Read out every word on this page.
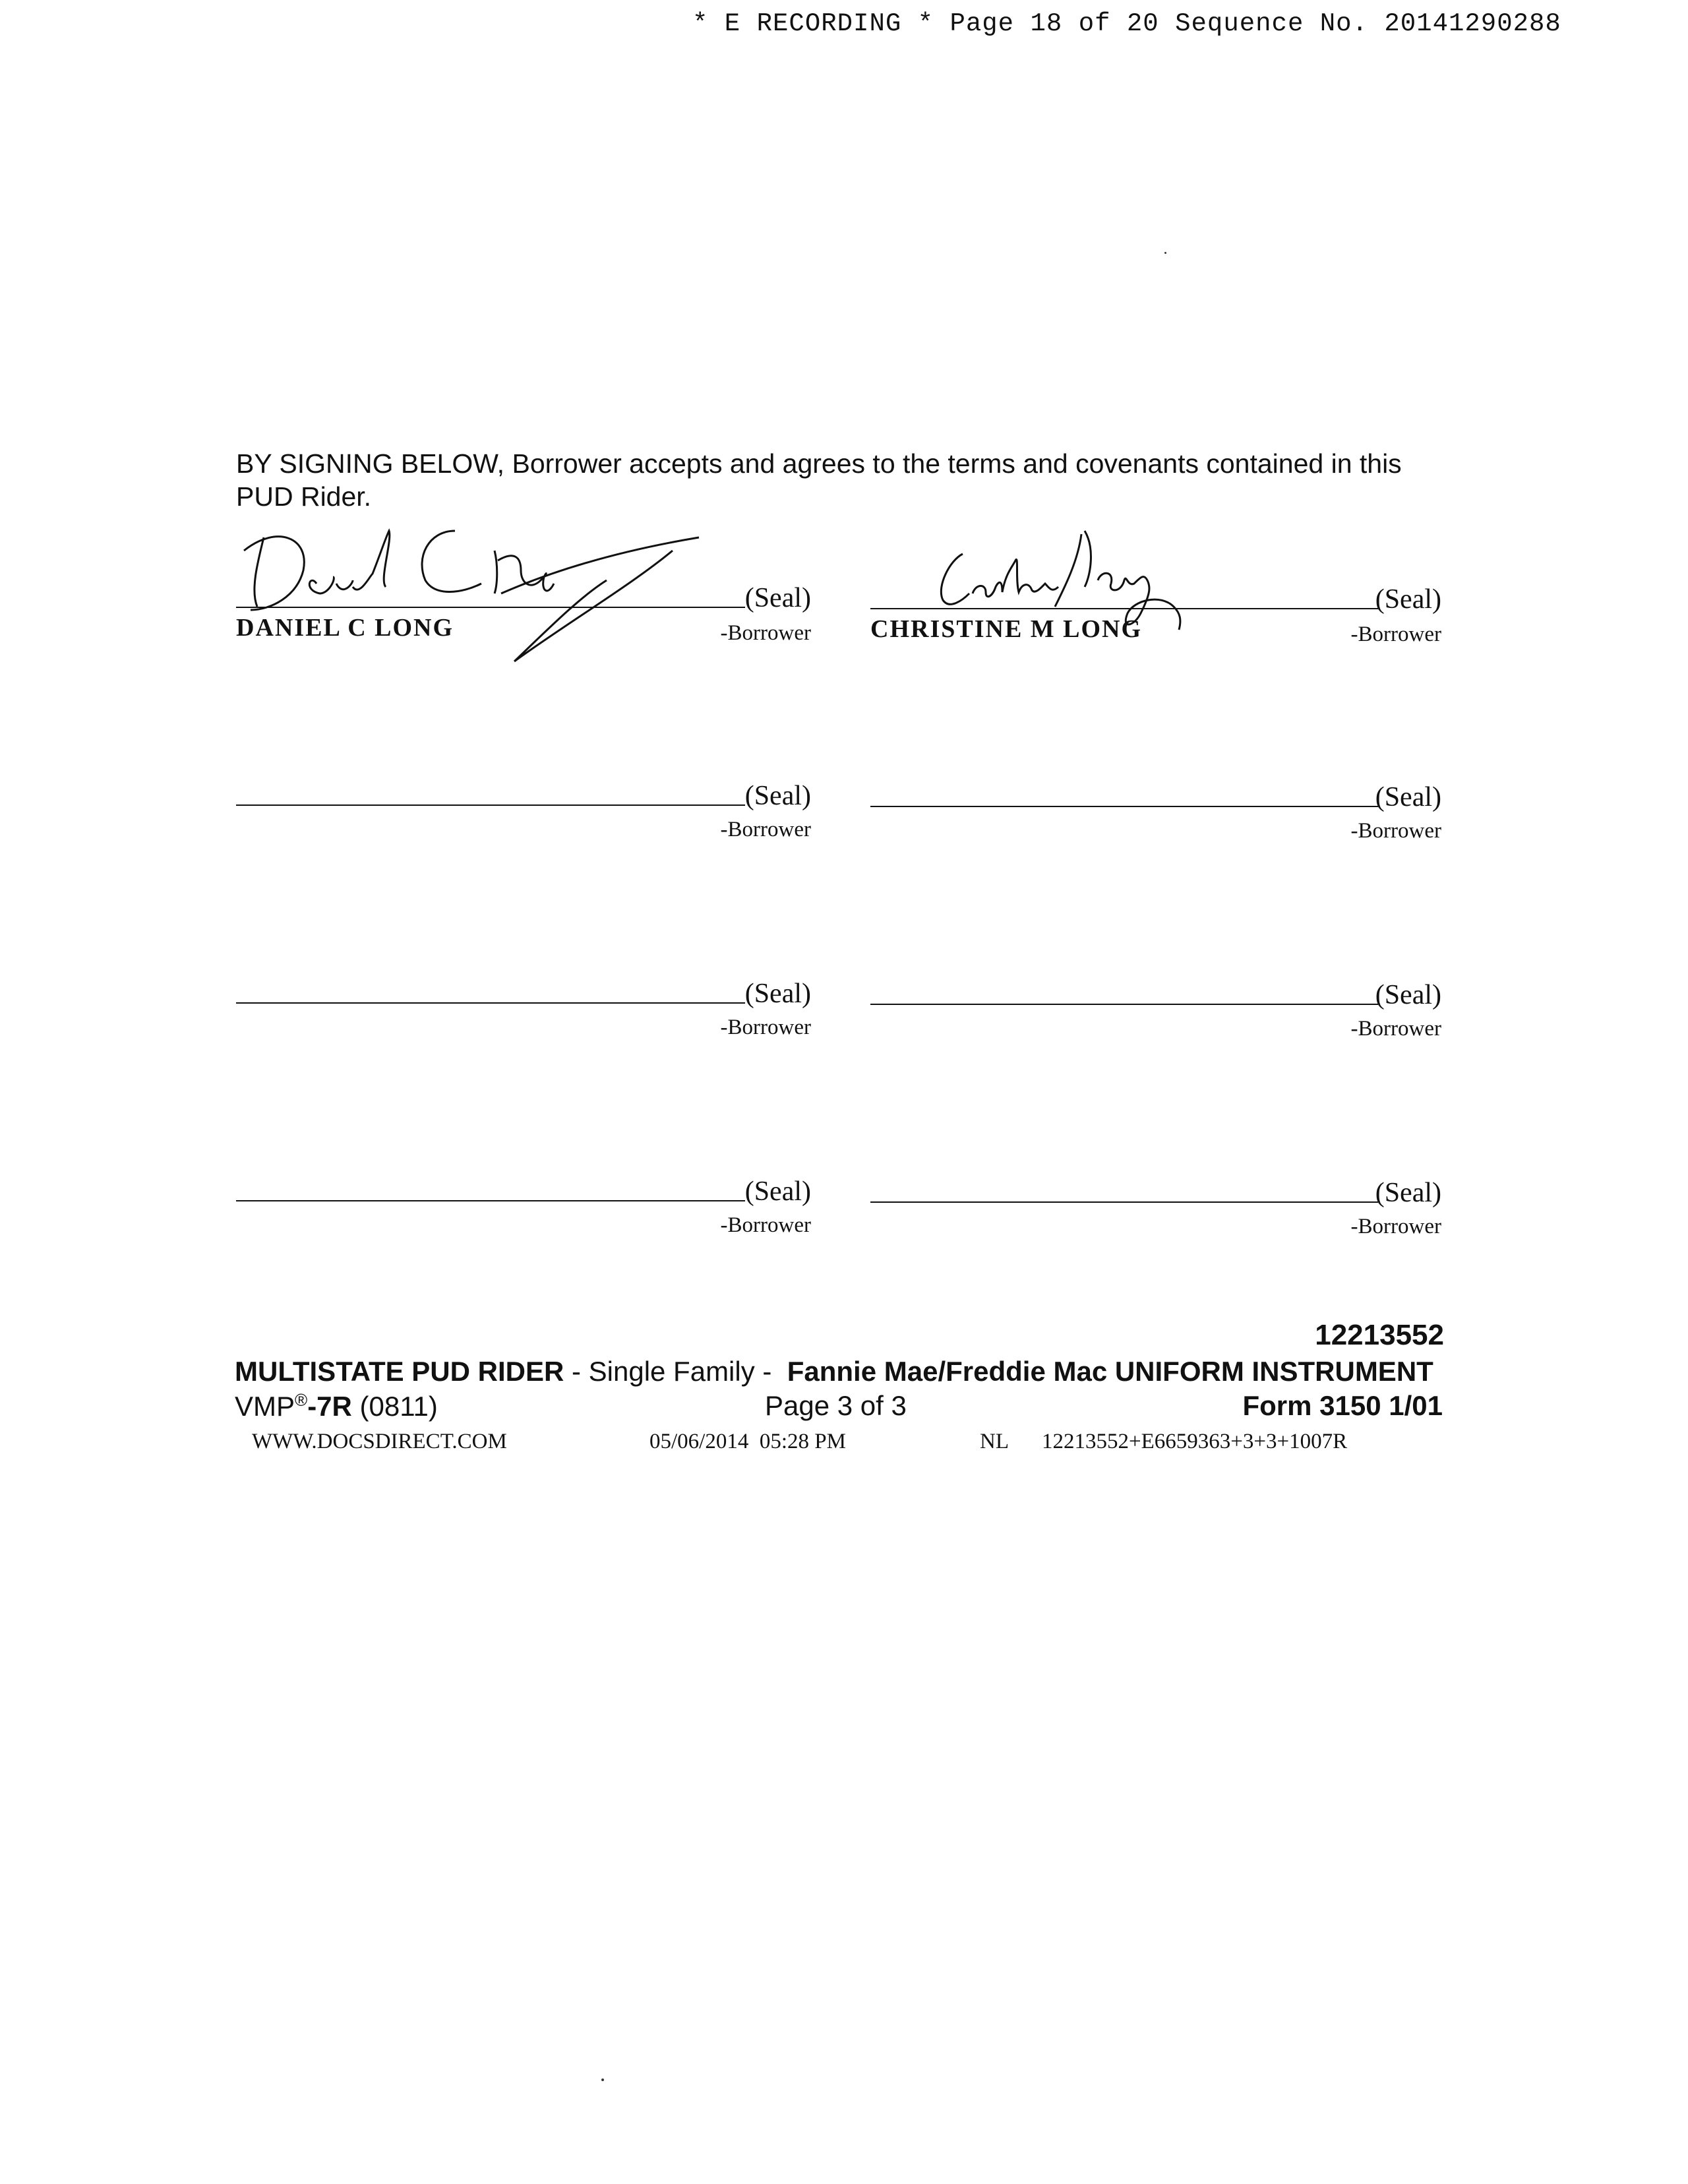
* E RECORDING * Page 18 of 20 Sequence No. 20141290288
BY SIGNING BELOW, Borrower accepts and agrees to the terms and covenants contained in this PUD Rider.
(Seal)
DANIEL C LONG	-Borrower
(Seal)
CHRISTINE M LONG	-Borrower
(Seal)
-Borrower
(Seal)
-Borrower
(Seal)
-Borrower
(Seal)
-Borrower
(Seal)
-Borrower
(Seal)
-Borrower
12213552
MULTISTATE PUD RIDER - Single Family -  Fannie Mae/Freddie Mac UNIFORM INSTRUMENT
VMP®-7R (0811)	Page 3 of 3	Form 3150 1/01
WWW.DOCSDIRECT.COM	05/06/2014  05:28 PM	NL 12213552+E6659363+3+3+1007R
